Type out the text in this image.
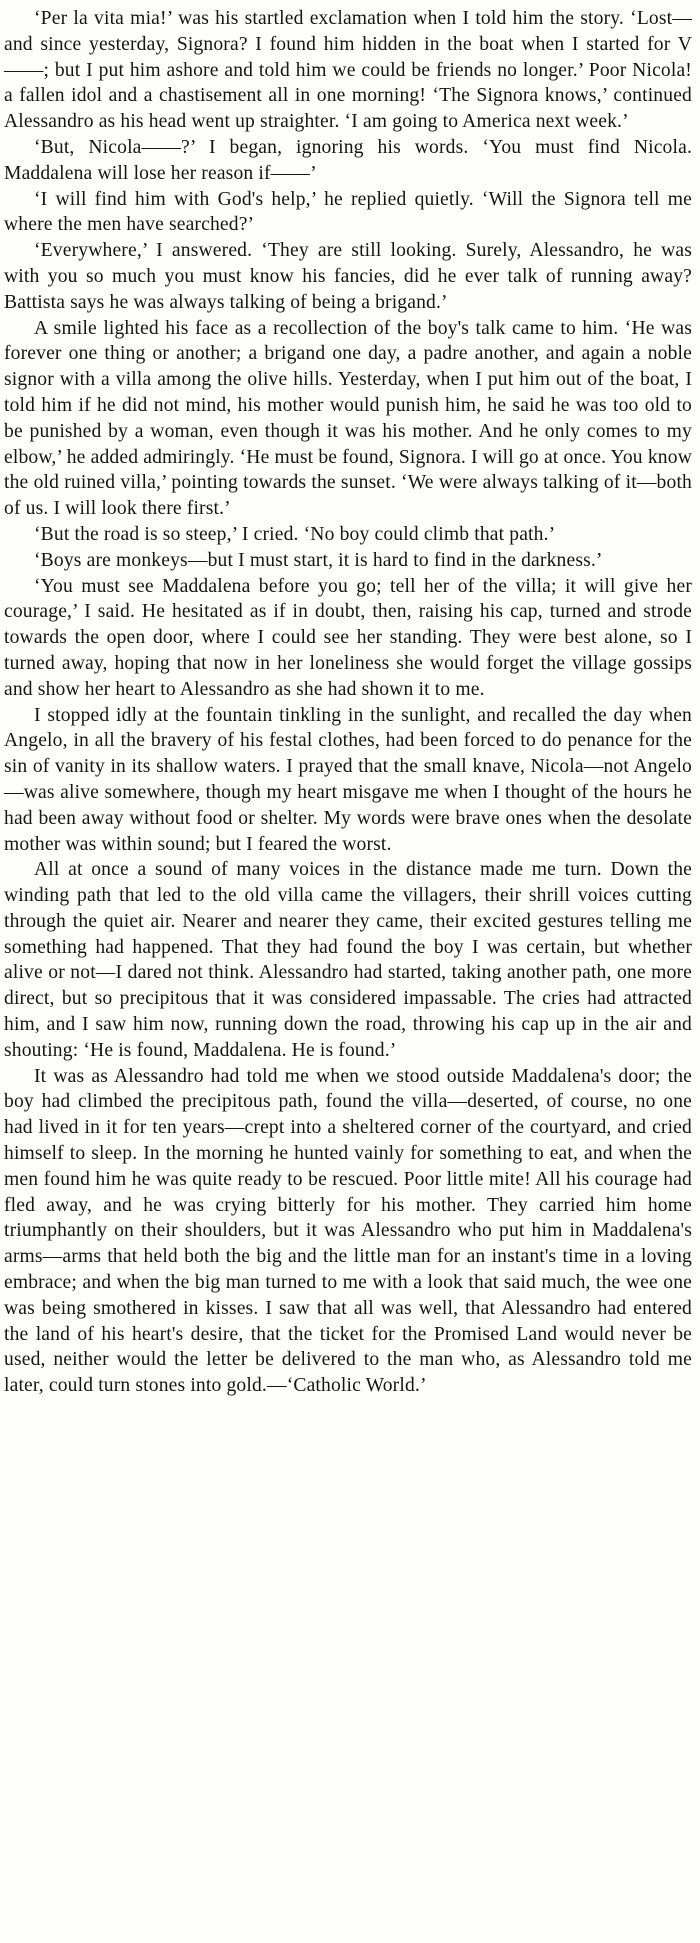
‘Per la vita mia!’ was his startled exclamation when I told him the story. ‘Lost—and since yesterday, Signora? I found him hidden in the boat when I started for V——; but I put him ashore and told him we could be friends no longer.’ Poor Nicola! a fallen idol and a chastisement all in one morning! ‘The Signora knows,’ continued Alessandro as his head went up straighter. ‘I am going to America next week.’

‘But, Nicola——?’ I began, ignoring his words. ‘You must find Nicola. Maddalena will lose her reason if——’

‘I will find him with God's help,’ he replied quietly. ‘Will the Signora tell me where the men have searched?’

‘Everywhere,’ I answered. ‘They are still looking. Surely, Alessandro, he was with you so much you must know his fancies, did he ever talk of running away? Battista says he was always talking of being a brigand.’

A smile lighted his face as a recollection of the boy's talk came to him. ‘He was forever one thing or another; a brigand one day, a padre another, and again a noble signor with a villa among the olive hills. Yesterday, when I put him out of the boat, I told him if he did not mind, his mother would punish him, he said he was too old to be punished by a woman, even though it was his mother. And he only comes to my elbow,’ he added admiringly. ‘He must be found, Signora. I will go at once. You know the old ruined villa,’ pointing towards the sunset. ‘We were always talking of it—both of us. I will look there first.’

‘But the road is so steep,’ I cried. ‘No boy could climb that path.’

‘Boys are monkeys—but I must start, it is hard to find in the darkness.’

‘You must see Maddalena before you go; tell her of the villa; it will give her courage,’ I said. He hesitated as if in doubt, then, raising his cap, turned and strode towards the open door, where I could see her standing. They were best alone, so I turned away, hoping that now in her loneliness she would forget the village gossips and show her heart to Alessandro as she had shown it to me.

I stopped idly at the fountain tinkling in the sunlight, and recalled the day when Angelo, in all the bravery of his festal clothes, had been forced to do penance for the sin of vanity in its shallow waters. I prayed that the small knave, Nicola—not Angelo—was alive somewhere, though my heart misgave me when I thought of the hours he had been away without food or shelter. My words were brave ones when the desolate mother was within sound; but I feared the worst.

All at once a sound of many voices in the distance made me turn. Down the winding path that led to the old villa came the villagers, their shrill voices cutting through the quiet air. Nearer and nearer they came, their excited gestures telling me something had happened. That they had found the boy I was certain, but whether alive or not—I dared not think. Alessandro had started, taking another path, one more direct, but so precipitous that it was considered impassable. The cries had attracted him, and I saw him now, running down the road, throwing his cap up in the air and shouting: ‘He is found, Maddalena. He is found.’

It was as Alessandro had told me when we stood outside Maddalena's door; the boy had climbed the precipitous path, found the villa—deserted, of course, no one had lived in it for ten years—crept into a sheltered corner of the courtyard, and cried himself to sleep. In the morning he hunted vainly for something to eat, and when the men found him he was quite ready to be rescued. Poor little mite! All his courage had fled away, and he was crying bitterly for his mother. They carried him home triumphantly on their shoulders, but it was Alessandro who put him in Maddalena's arms—arms that held both the big and the little man for an instant's time in a loving embrace; and when the big man turned to me with a look that said much, the wee one was being smothered in kisses. I saw that all was well, that Alessandro had entered the land of his heart's desire, that the ticket for the Promised Land would never be used, neither would the letter be delivered to the man who, as Alessandro told me later, could turn stones into gold.—‘Catholic World.’
